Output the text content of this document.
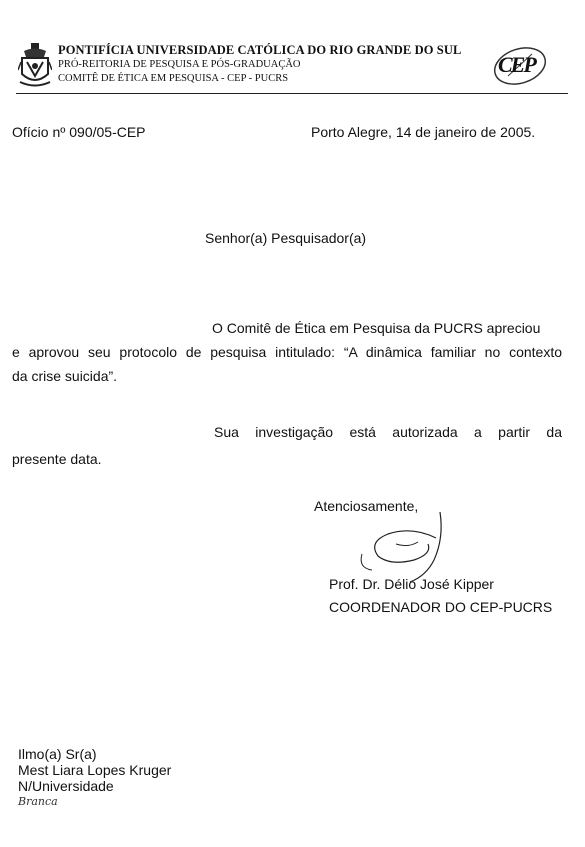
PONTIFÍCIA UNIVERSIDADE CATÓLICA DO RIO GRANDE DO SUL
PRÓ-REITORIA DE PESQUISA E PÓS-GRADUAÇÃO
COMITÊ DE ÉTICA EM PESQUISA - CEP - PUCRS
CEP
Ofício nº 090/05-CEP	Porto Alegre, 14 de janeiro de 2005.
Senhor(a) Pesquisador(a)
O Comitê de Ética em Pesquisa da PUCRS apreciou
e aprovou seu protocolo de pesquisa intitulado: “A dinâmica familiar no contexto
da crise suicida”.
Sua investigação está autorizada a partir da
presente data.
Atenciosamente,
Prof. Dr. Délio José Kipper
COORDENADOR DO CEP-PUCRS
Ilmo(a) Sr(a)
Mest Liara Lopes Kruger
N/Universidade
Branca
